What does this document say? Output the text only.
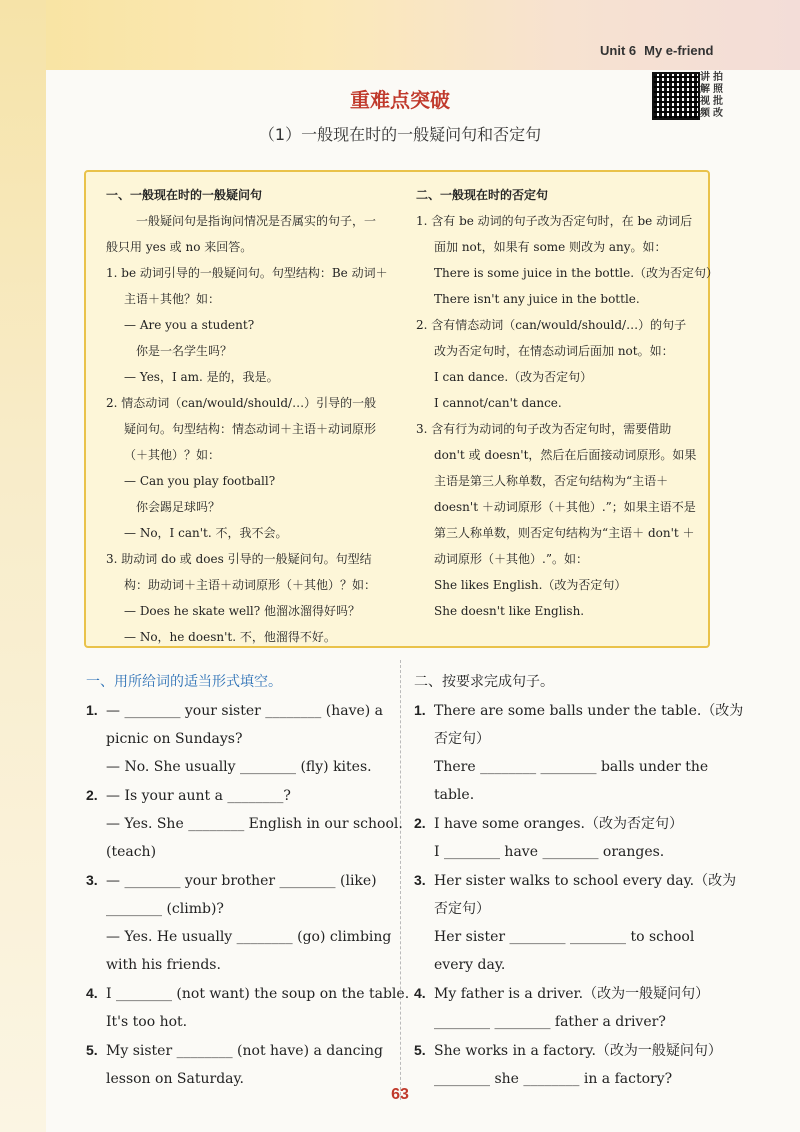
Unit 6 My e-friend
讲 拍
解 照
视 批
频 改
重难点突破
（1）一般现在时的一般疑问句和否定句

一、一般现在时的一般疑问句

一般疑问句是指询问情况是否属实的句子，一

般只用 yes 或 no 来回答。

1. be 动词引导的一般疑问句。句型结构：Be 动词＋

主语＋其他？如：

— Are you a student?

你是一名学生吗？

— Yes，I am. 是的，我是。

2. 情态动词（can/would/should/…）引导的一般

疑问句。句型结构：情态动词＋主语＋动词原形

（＋其他）？如：

— Can you play football?

你会踢足球吗？

— No，I can't. 不，我不会。

3. 助动词 do 或 does 引导的一般疑问句。句型结

构：助动词＋主语＋动词原形（＋其他）？如：

— Does he skate well? 他溜冰溜得好吗？

— No，he doesn't. 不，他溜得不好。

二、一般现在时的否定句

1. 含有 be 动词的句子改为否定句时，在 be 动词后

面加 not，如果有 some 则改为 any。如：

There is some juice in the bottle.（改为否定句）

There isn't any juice in the bottle.

2. 含有情态动词（can/would/should/…）的句子

改为否定句时，在情态动词后面加 not。如：

I can dance.（改为否定句）

I cannot/can't dance.

3. 含有行为动词的句子改为否定句时，需要借助

don't 或 doesn't，然后在后面接动词原形。如果

主语是第三人称单数，否定句结构为“主语＋

doesn't ＋动词原形（＋其他）.”；如果主语不是

第三人称单数，则否定句结构为“主语＋ don't ＋

动词原形（＋其他）.”。如：

She likes English.（改为否定句）

She doesn't like English.

一、用所给词的适当形式填空。

1. — ________ your sister ________ (have) a

picnic on Sundays?

— No. She usually ________ (fly) kites.

2. — Is your aunt a ________?

— Yes. She ________ English in our school.

(teach)

3. — ________ your brother ________ (like)

________ (climb)?

— Yes. He usually ________ (go) climbing

with his friends.

4. I ________ (not want) the soup on the table.

It's too hot.

5. My sister ________ (not have) a dancing

lesson on Saturday.

二、按要求完成句子。

1. There are some balls under the table.（改为

否定句）

There ________ ________ balls under the

table.

2. I have some oranges.（改为否定句）

I ________ have ________ oranges.

3. Her sister walks to school every day.（改为

否定句）

Her sister ________ ________ to school

every day.

4. My father is a driver.（改为一般疑问句）

________ ________ father a driver?

5. She works in a factory.（改为一般疑问句）

________ she ________ in a factory?

63
